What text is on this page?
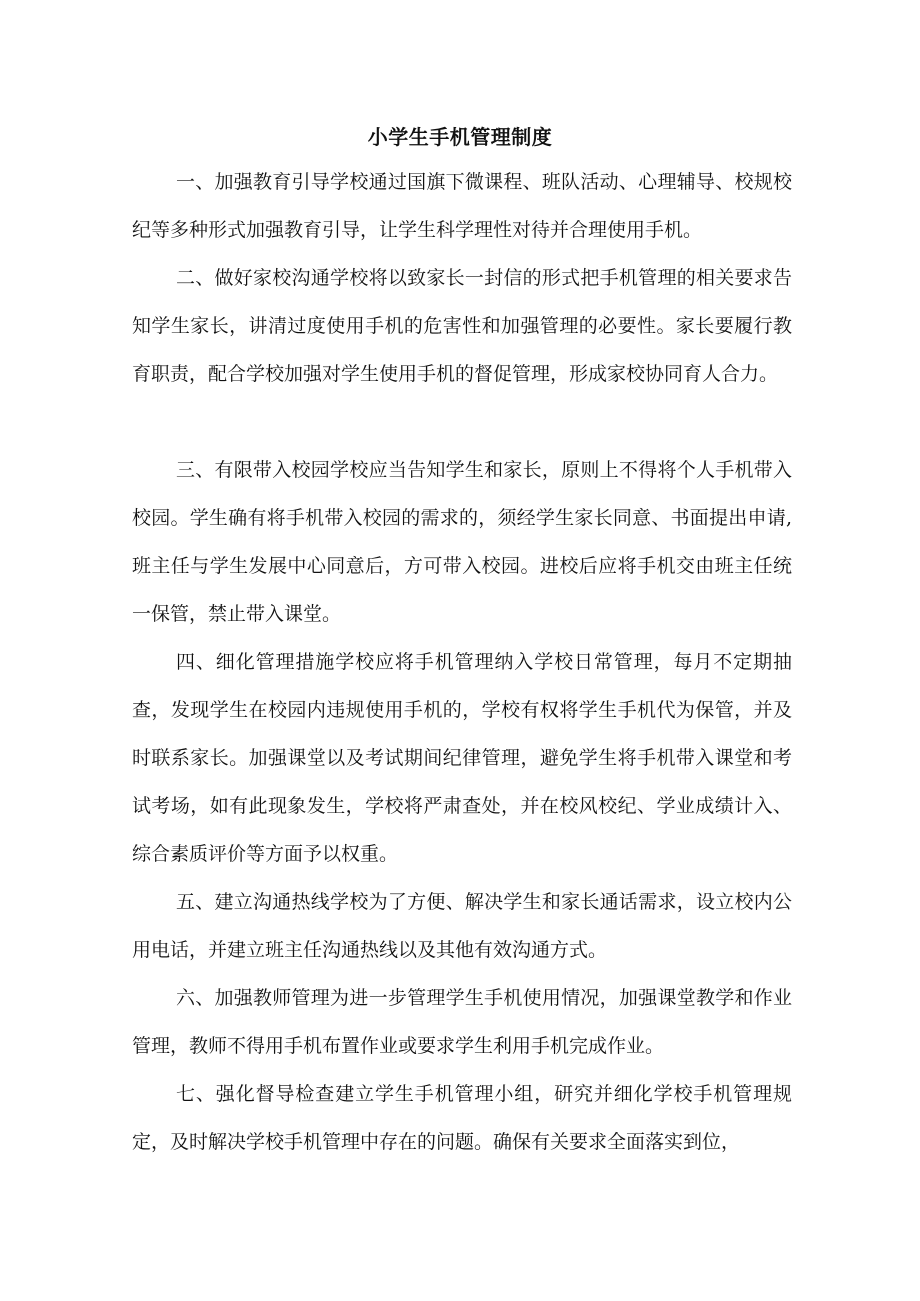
小学生手机管理制度

一、加强教育引导学校通过国旗下微课程、班队活动、心理辅导、校规校纪等多种形式加强教育引导，让学生科学理性对待并合理使用手机。

二、做好家校沟通学校将以致家长一封信的形式把手机管理的相关要求告知学生家长，讲清过度使用手机的危害性和加强管理的必要性。家长要履行教育职责，配合学校加强对学生使用手机的督促管理，形成家校协同育人合力。

三、有限带入校园学校应当告知学生和家长，原则上不得将个人手机带入校园。学生确有将手机带入校园的需求的，须经学生家长同意、书面提出申请,班主任与学生发展中心同意后，方可带入校园。进校后应将手机交由班主任统一保管，禁止带入课堂。

四、细化管理措施学校应将手机管理纳入学校日常管理，每月不定期抽查，发现学生在校园内违规使用手机的，学校有权将学生手机代为保管，并及时联系家长。加强课堂以及考试期间纪律管理，避免学生将手机带入课堂和考试考场，如有此现象发生，学校将严肃查处，并在校风校纪、学业成绩计入、综合素质评价等方面予以权重。

五、建立沟通热线学校为了方便、解决学生和家长通话需求，设立校内公用电话，并建立班主任沟通热线以及其他有效沟通方式。

六、加强教师管理为进一步管理学生手机使用情况，加强课堂教学和作业管理，教师不得用手机布置作业或要求学生利用手机完成作业。

七、强化督导检查建立学生手机管理小组，研究并细化学校手机管理规定，及时解决学校手机管理中存在的问题。确保有关要求全面落实到位，
